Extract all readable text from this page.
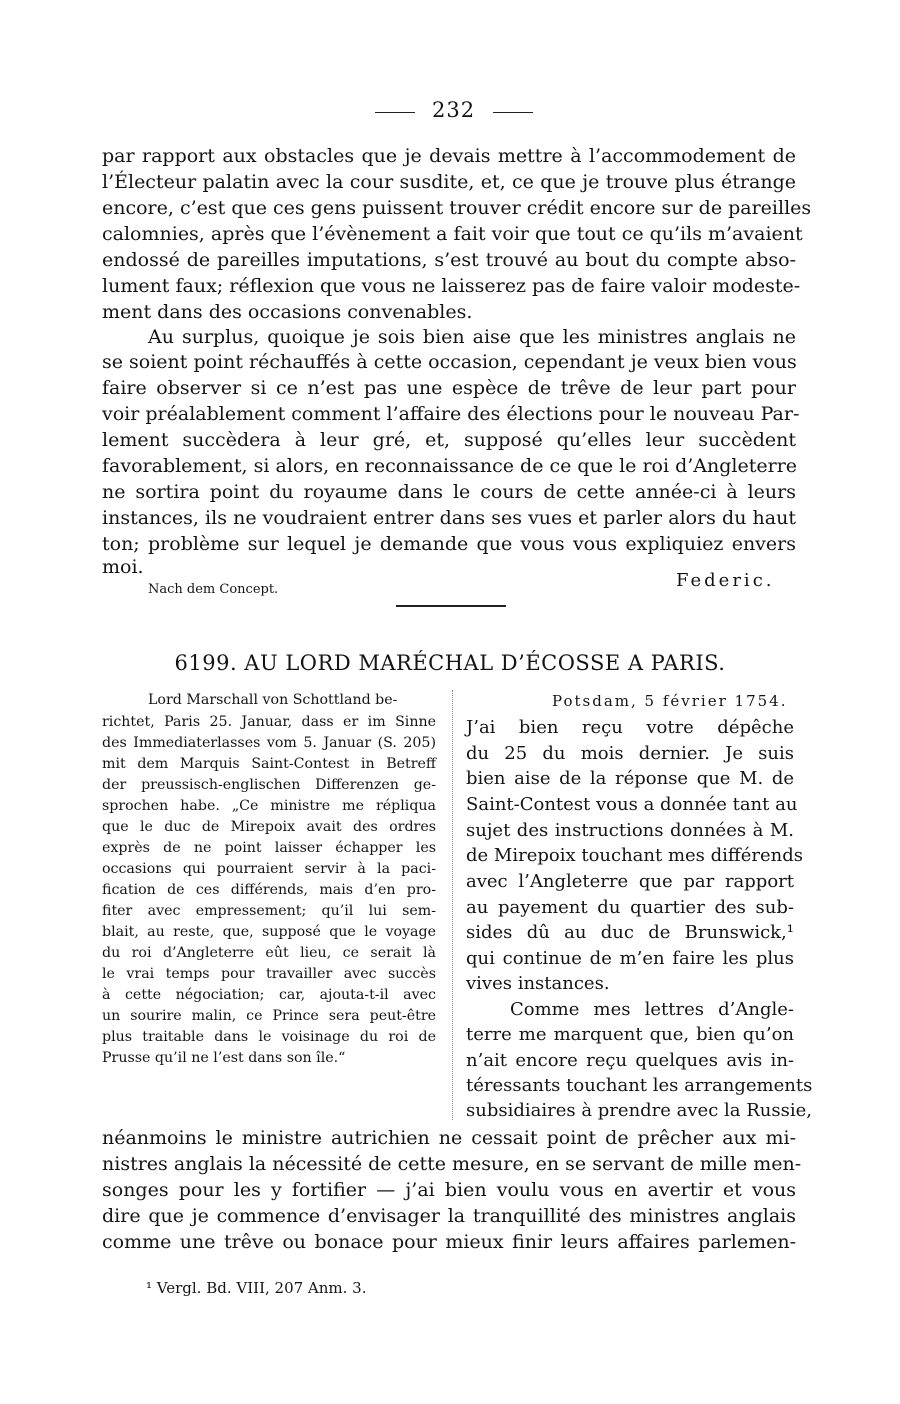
232
par rapport aux obstacles que je devais mettre à l’accommodement de
l’Électeur palatin avec la cour susdite, et, ce que je trouve plus étrange
encore, c’est que ces gens puissent trouver crédit encore sur de pareilles
calomnies, après que l’évènement a fait voir que tout ce qu’ils m’avaient
endossé de pareilles imputations, s’est trouvé au bout du compte abso-
lument faux; réflexion que vous ne laisserez pas de faire valoir modeste-
ment dans des occasions convenables.
Au surplus, quoique je sois bien aise que les ministres anglais ne
se soient point réchauffés à cette occasion, cependant je veux bien vous
faire observer si ce n’est pas une espèce de trêve de leur part pour
voir préalablement comment l’affaire des élections pour le nouveau Par-
lement succèdera à leur gré, et, supposé qu’elles leur succèdent
favorablement, si alors, en reconnaissance de ce que le roi d’Angleterre
ne sortira point du royaume dans le cours de cette année-ci à leurs
instances, ils ne voudraient entrer dans ses vues et parler alors du haut
ton; problème sur lequel je demande que vous vous expliquiez envers
moi.
Nach dem Concept.	Federic.
6199. AU LORD MARÉCHAL D’ÉCOSSE A PARIS.
Lord Marschall von Schottland be-
richtet, Paris 25. Januar, dass er im Sinne
des Immediaterlasses vom 5. Januar (S. 205)
mit dem Marquis Saint-Contest in Betreff
der preussisch-englischen Differenzen ge-
sprochen habe. „Ce ministre me répliqua
que le duc de Mirepoix avait des ordres
exprès de ne point laisser échapper les
occasions qui pourraient servir à la paci-
fication de ces différends, mais d’en pro-
fiter avec empressement; qu’il lui sem-
blait, au reste, que, supposé que le voyage
du roi d’Angleterre eût lieu, ce serait là
le vrai temps pour travailler avec succès
à cette négociation; car, ajouta-t-il avec
un sourire malin, ce Prince sera peut-être
plus traitable dans le voisinage du roi de
Prusse qu’il ne l’est dans son île.“
Potsdam, 5 février 1754.
J’ai bien reçu votre dépêche
du 25 du mois dernier. Je suis
bien aise de la réponse que M. de
Saint-Contest vous a donnée tant au
sujet des instructions données à M.
de Mirepoix touchant mes différends
avec l’Angleterre que par rapport
au payement du quartier des sub-
sides dû au duc de Brunswick,¹
qui continue de m’en faire les plus
vives instances.
Comme mes lettres d’Angle-
terre me marquent que, bien qu’on
n’ait encore reçu quelques avis in-
téressants touchant les arrangements
subsidiaires à prendre avec la Russie,
néanmoins le ministre autrichien ne cessait point de prêcher aux mi-
nistres anglais la nécessité de cette mesure, en se servant de mille men-
songes pour les y fortifier — j’ai bien voulu vous en avertir et vous
dire que je commence d’envisager la tranquillité des ministres anglais
comme une trêve ou bonace pour mieux finir leurs affaires parlemen-
¹ Vergl. Bd. VIII, 207 Anm. 3.
